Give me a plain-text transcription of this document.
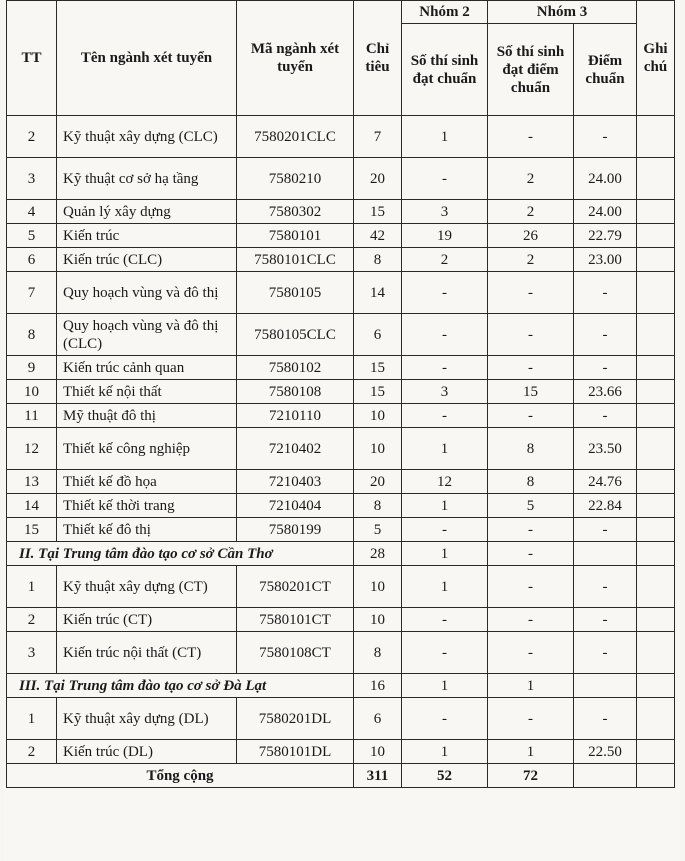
TT	Tên ngành xét tuyển	Mã ngành xét tuyển	Chỉ tiêu	Nhóm 2	Nhóm 3		Ghi chú
				Số thí sinh đạt chuẩn	Số thí sinh đạt điểm chuẩn	Điểm chuẩn	
2	Kỹ thuật xây dựng (CLC)	7580201CLC	7	1	-	-	
3	Kỹ thuật cơ sở hạ tầng	7580210	20	-	2	24.00	
4	Quản lý xây dựng	7580302	15	3	2	24.00	
5	Kiến trúc	7580101	42	19	26	22.79	
6	Kiến trúc (CLC)	7580101CLC	8	2	2	23.00	
7	Quy hoạch vùng và đô thị	7580105	14	-	-	-	
8	Quy hoạch vùng và đô thị (CLC)	7580105CLC	6	-	-	-	
9	Kiến trúc cảnh quan	7580102	15	-	-	-	
10	Thiết kế nội thất	7580108	15	3	15	23.66	
11	Mỹ thuật đô thị	7210110	10	-	-	-	
12	Thiết kế công nghiệp	7210402	10	1	8	23.50	
13	Thiết kế đồ họa	7210403	20	12	8	24.76	
14	Thiết kế thời trang	7210404	8	1	5	22.84	
15	Thiết kế đô thị	7580199	5	-	-	-	
II. Tại Trung tâm đào tạo cơ sở Cần Thơ			28	1	-		
1	Kỹ thuật xây dựng (CT)	7580201CT	10	1	-	-	
2	Kiến trúc (CT)	7580101CT	10	-	-	-	
3	Kiến trúc nội thất (CT)	7580108CT	8	-	-	-	
III. Tại Trung tâm đào tạo cơ sở Đà Lạt			16	1	1		
1	Kỹ thuật xây dựng (DL)	7580201DL	6	-	-	-	
2	Kiến trúc (DL)	7580101DL	10	1	1	22.50	
Tổng cộng			311	52	72		
